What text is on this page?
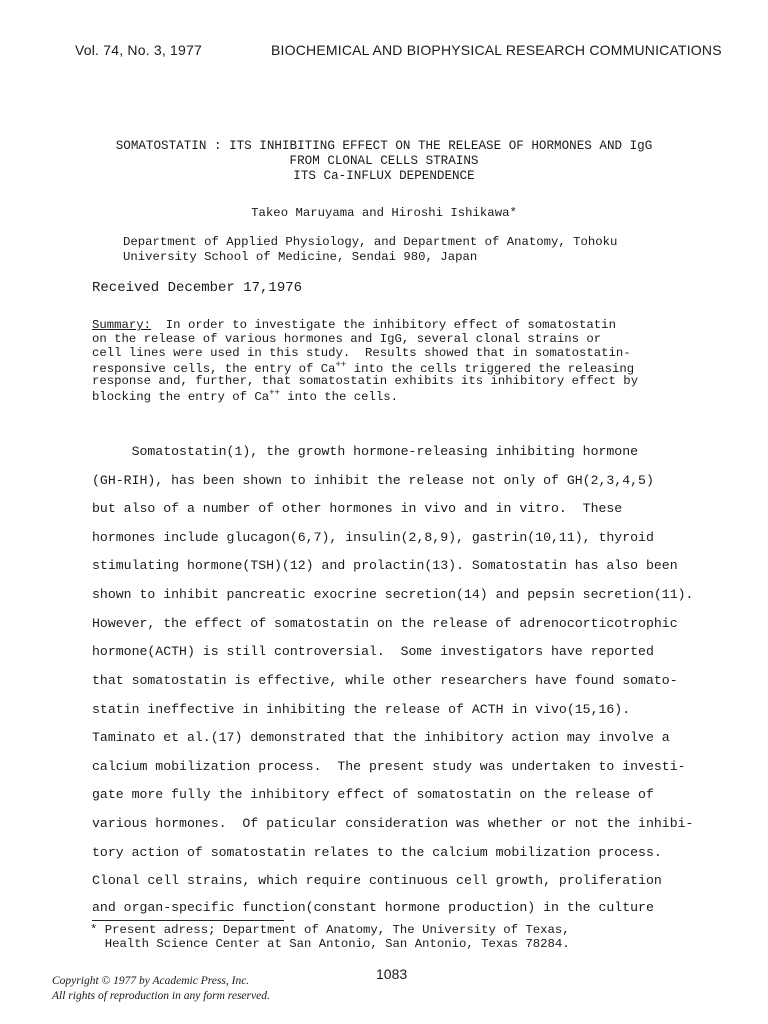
Vol. 74, No. 3, 1977	BIOCHEMICAL AND BIOPHYSICAL RESEARCH COMMUNICATIONS
SOMATOSTATIN : ITS INHIBITING EFFECT ON THE RELEASE OF HORMONES AND IgG
FROM CLONAL CELLS STRAINS
ITS Ca-INFLUX DEPENDENCE
Takeo Maruyama and Hiroshi Ishikawa*
Department of Applied Physiology, and Department of Anatomy, Tohoku
University School of Medicine, Sendai 980, Japan
Received December 17,1976
Summary:  In order to investigate the inhibitory effect of somatostatin
on the release of various hormones and IgG, several clonal strains or
cell lines were used in this study.  Results showed that in somatostatin-
responsive cells, the entry of Ca++ into the cells triggered the releasing
response and, further, that somatostatin exhibits its inhibitory effect by
blocking the entry of Ca++ into the cells.
Somatostatin(1), the growth hormone-releasing inhibiting hormone
(GH-RIH), has been shown to inhibit the release not only of GH(2,3,4,5)
but also of a number of other hormones in vivo and in vitro.  These
hormones include glucagon(6,7), insulin(2,8,9), gastrin(10,11), thyroid
stimulating hormone(TSH)(12) and prolactin(13). Somatostatin has also been
shown to inhibit pancreatic exocrine secretion(14) and pepsin secretion(11).
However, the effect of somatostatin on the release of adrenocorticotrophic
hormone(ACTH) is still controversial.  Some investigators have reported
that somatostatin is effective, while other researchers have found somato-
statin ineffective in inhibiting the release of ACTH in vivo(15,16).
Taminato et al.(17) demonstrated that the inhibitory action may involve a
calcium mobilization process.  The present study was undertaken to investi-
gate more fully the inhibitory effect of somatostatin on the release of
various hormones.  Of paticular consideration was whether or not the inhibi-
tory action of somatostatin relates to the calcium mobilization process.
Clonal cell strains, which require continuous cell growth, proliferation
and organ-specific function(constant hormone production) in the culture
* Present adress; Department of Anatomy, The University of Texas,
Health Science Center at San Antonio, San Antonio, Texas 78284.
1083
Copyright © 1977 by Academic Press, Inc.
All rights of reproduction in any form reserved.
